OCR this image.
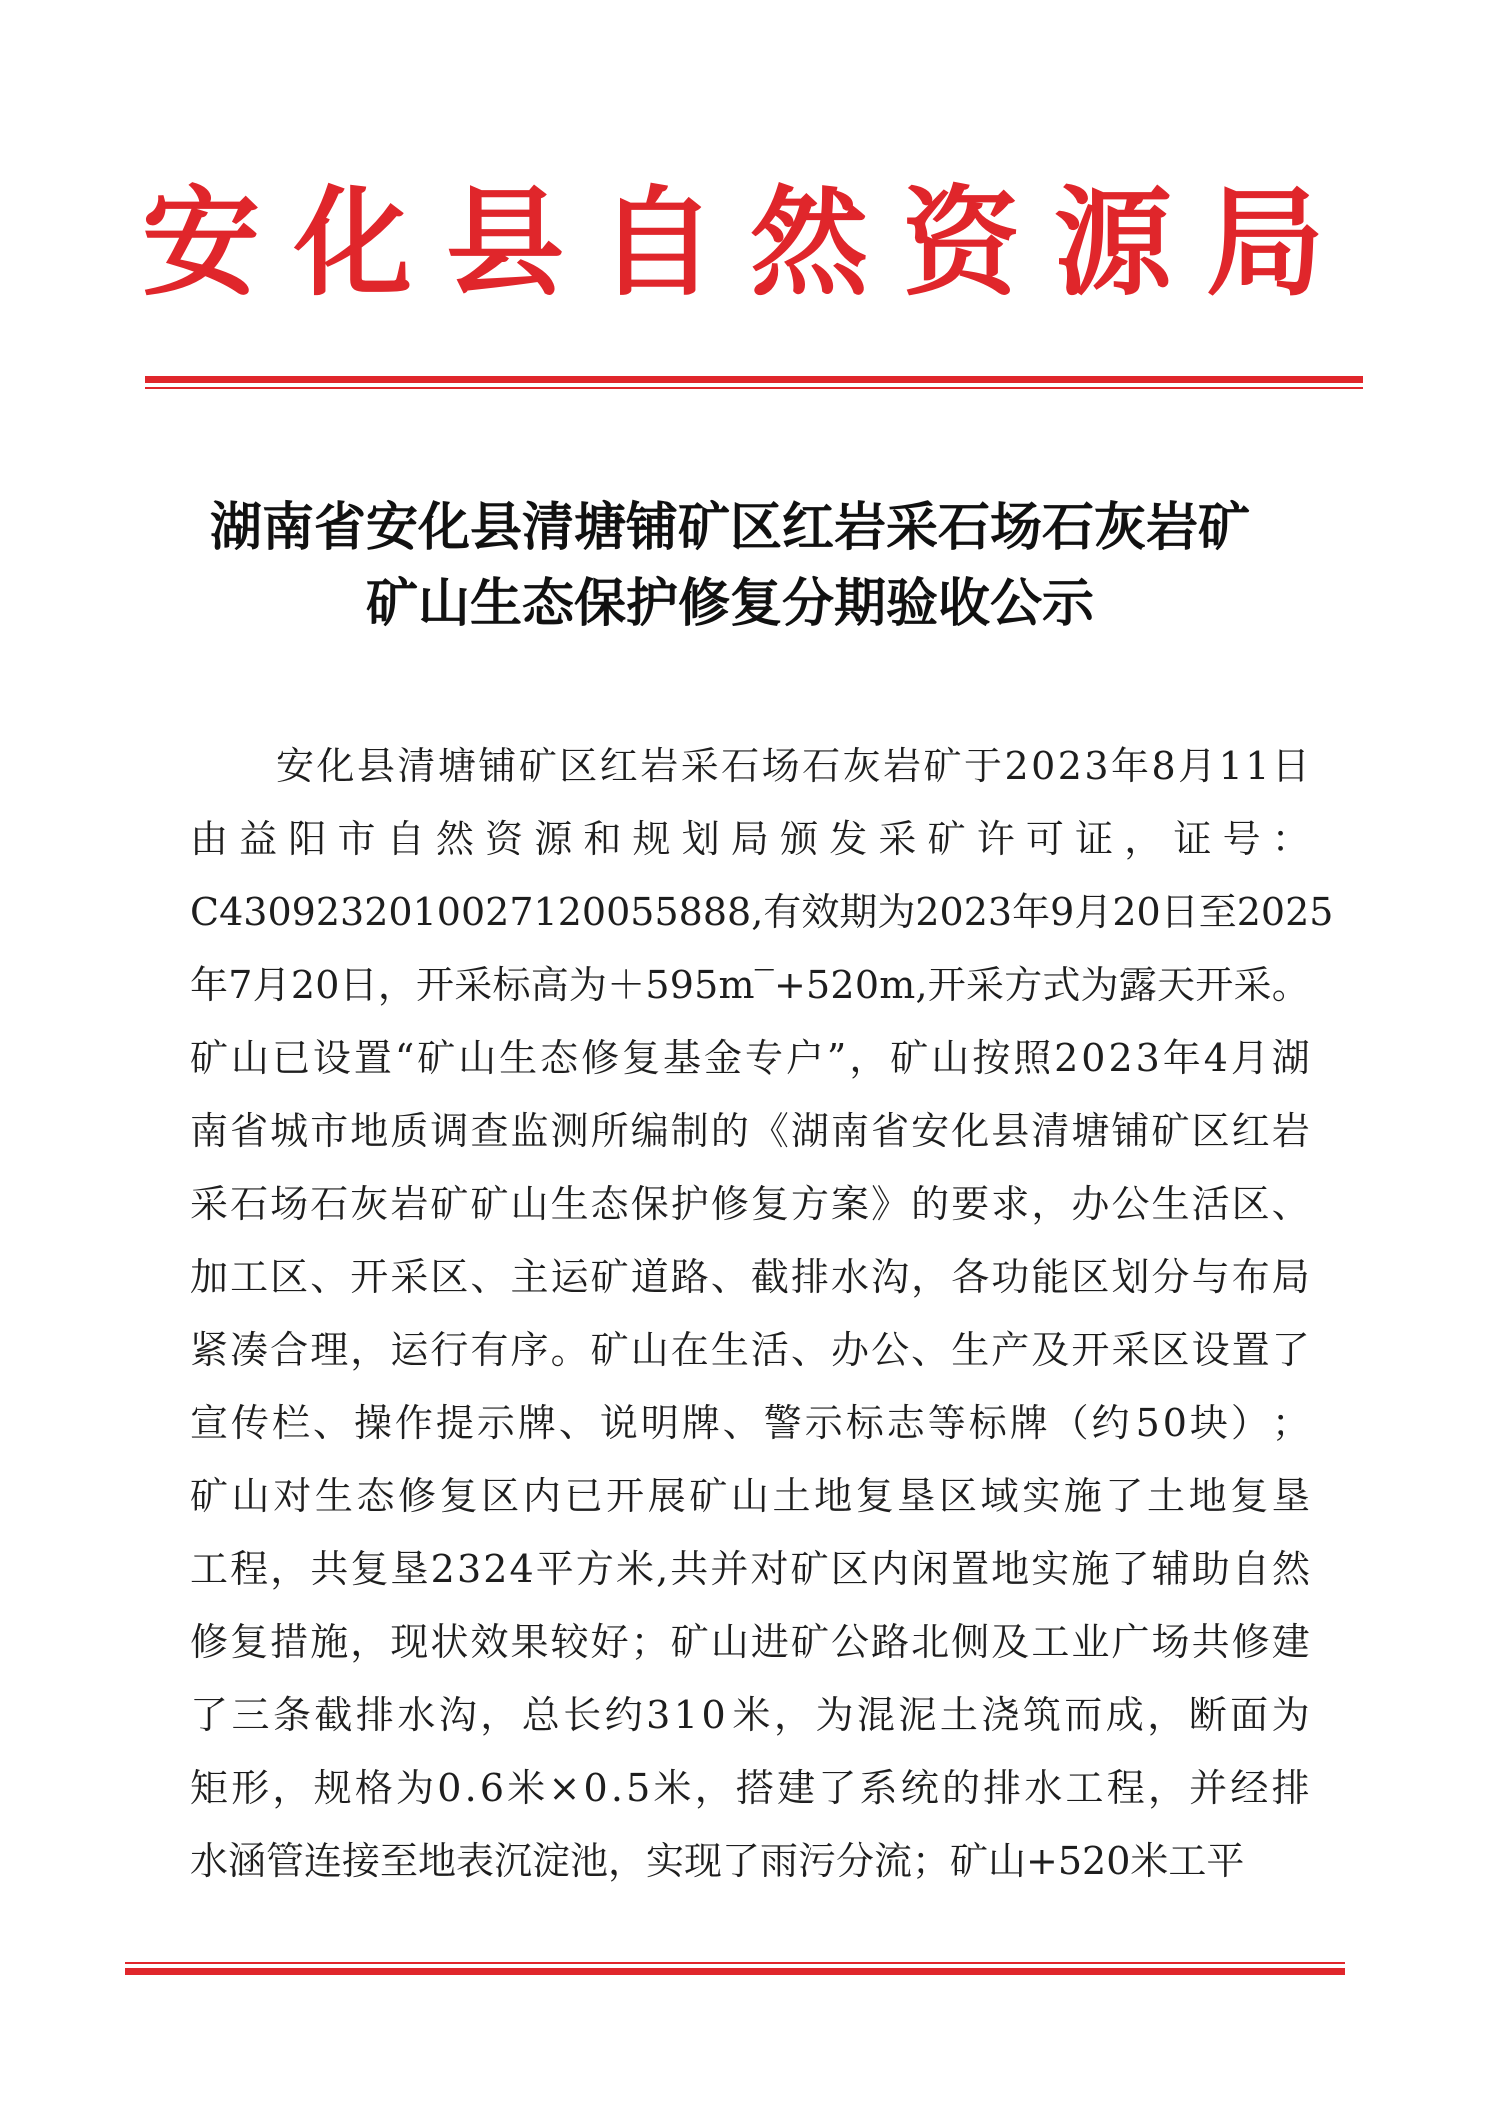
安化县自然资源局
湖南省安化县清塘铺矿区红岩采石场石灰岩矿
矿山生态保护修复分期验收公示
安 化 县 清 塘 铺 矿 区 红 岩 采 石 场 石 灰 岩 矿 于 2 0 2 3 年 8 月 1 1 日
由 益 阳 市 自 然 资 源 和 规 划 局 颁 发 采 矿 许 可 证 ， 证 号 ：
C 4 3 0 9 2 3 2 0 1 0 0 2 7 1 2 0 0 5 5 8 8 8 , 有 效 期 为 2 0 2 3 年 9 月 2 0 日 至 2 0 2 5
年 7 月 2 0 日 ， 开 采 标 高 为 ＋ 5 9 5 m ‾ + 5 2 0 m , 开 采 方 式 为 露 天 开 采 。
矿 山 已 设 置 “ 矿 山 生 态 修 复 基 金 专 户 ” ， 矿 山 按 照 2 0 2 3 年 4 月 湖
南 省 城 市 地 质 调 查 监 测 所 编 制 的 《 湖 南 省 安 化 县 清 塘 铺 矿 区 红 岩
采 石 场 石 灰 岩 矿 矿 山 生 态 保 护 修 复 方 案 》 的 要 求 ， 办 公 生 活 区 、
加 工 区 、 开 采 区 、 主 运 矿 道 路 、 截 排 水 沟 ， 各 功 能 区 划 分 与 布 局
紧 凑 合 理 ， 运 行 有 序 。 矿 山 在 生 活 、 办 公 、 生 产 及 开 采 区 设 置 了
宣 传 栏 、 操 作 提 示 牌 、 说 明 牌 、 警 示 标 志 等 标 牌 （ 约 5 0 块 ） ；
矿 山 对 生 态 修 复 区 内 已 开 展 矿 山 土 地 复 垦 区 域 实 施 了 土 地 复 垦
工 程 ， 共 复 垦 2 3 2 4 平 方 米 , 共 并 对 矿 区 内 闲 置 地 实 施 了 辅 助 自 然
修 复 措 施 ， 现 状 效 果 较 好 ； 矿 山 进 矿 公 路 北 侧 及 工 业 广 场 共 修 建
了 三 条 截 排 水 沟 ， 总 长 约 3 1 0 米 ， 为 混 泥 土 浇 筑 而 成 ， 断 面 为
矩 形 ， 规 格 为 0 . 6 米 × 0 . 5 米 ， 搭 建 了 系 统 的 排 水 工 程 ， 并 经 排
水涵管连接至地表沉淀池，实现了雨污分流；矿山+520米工平
